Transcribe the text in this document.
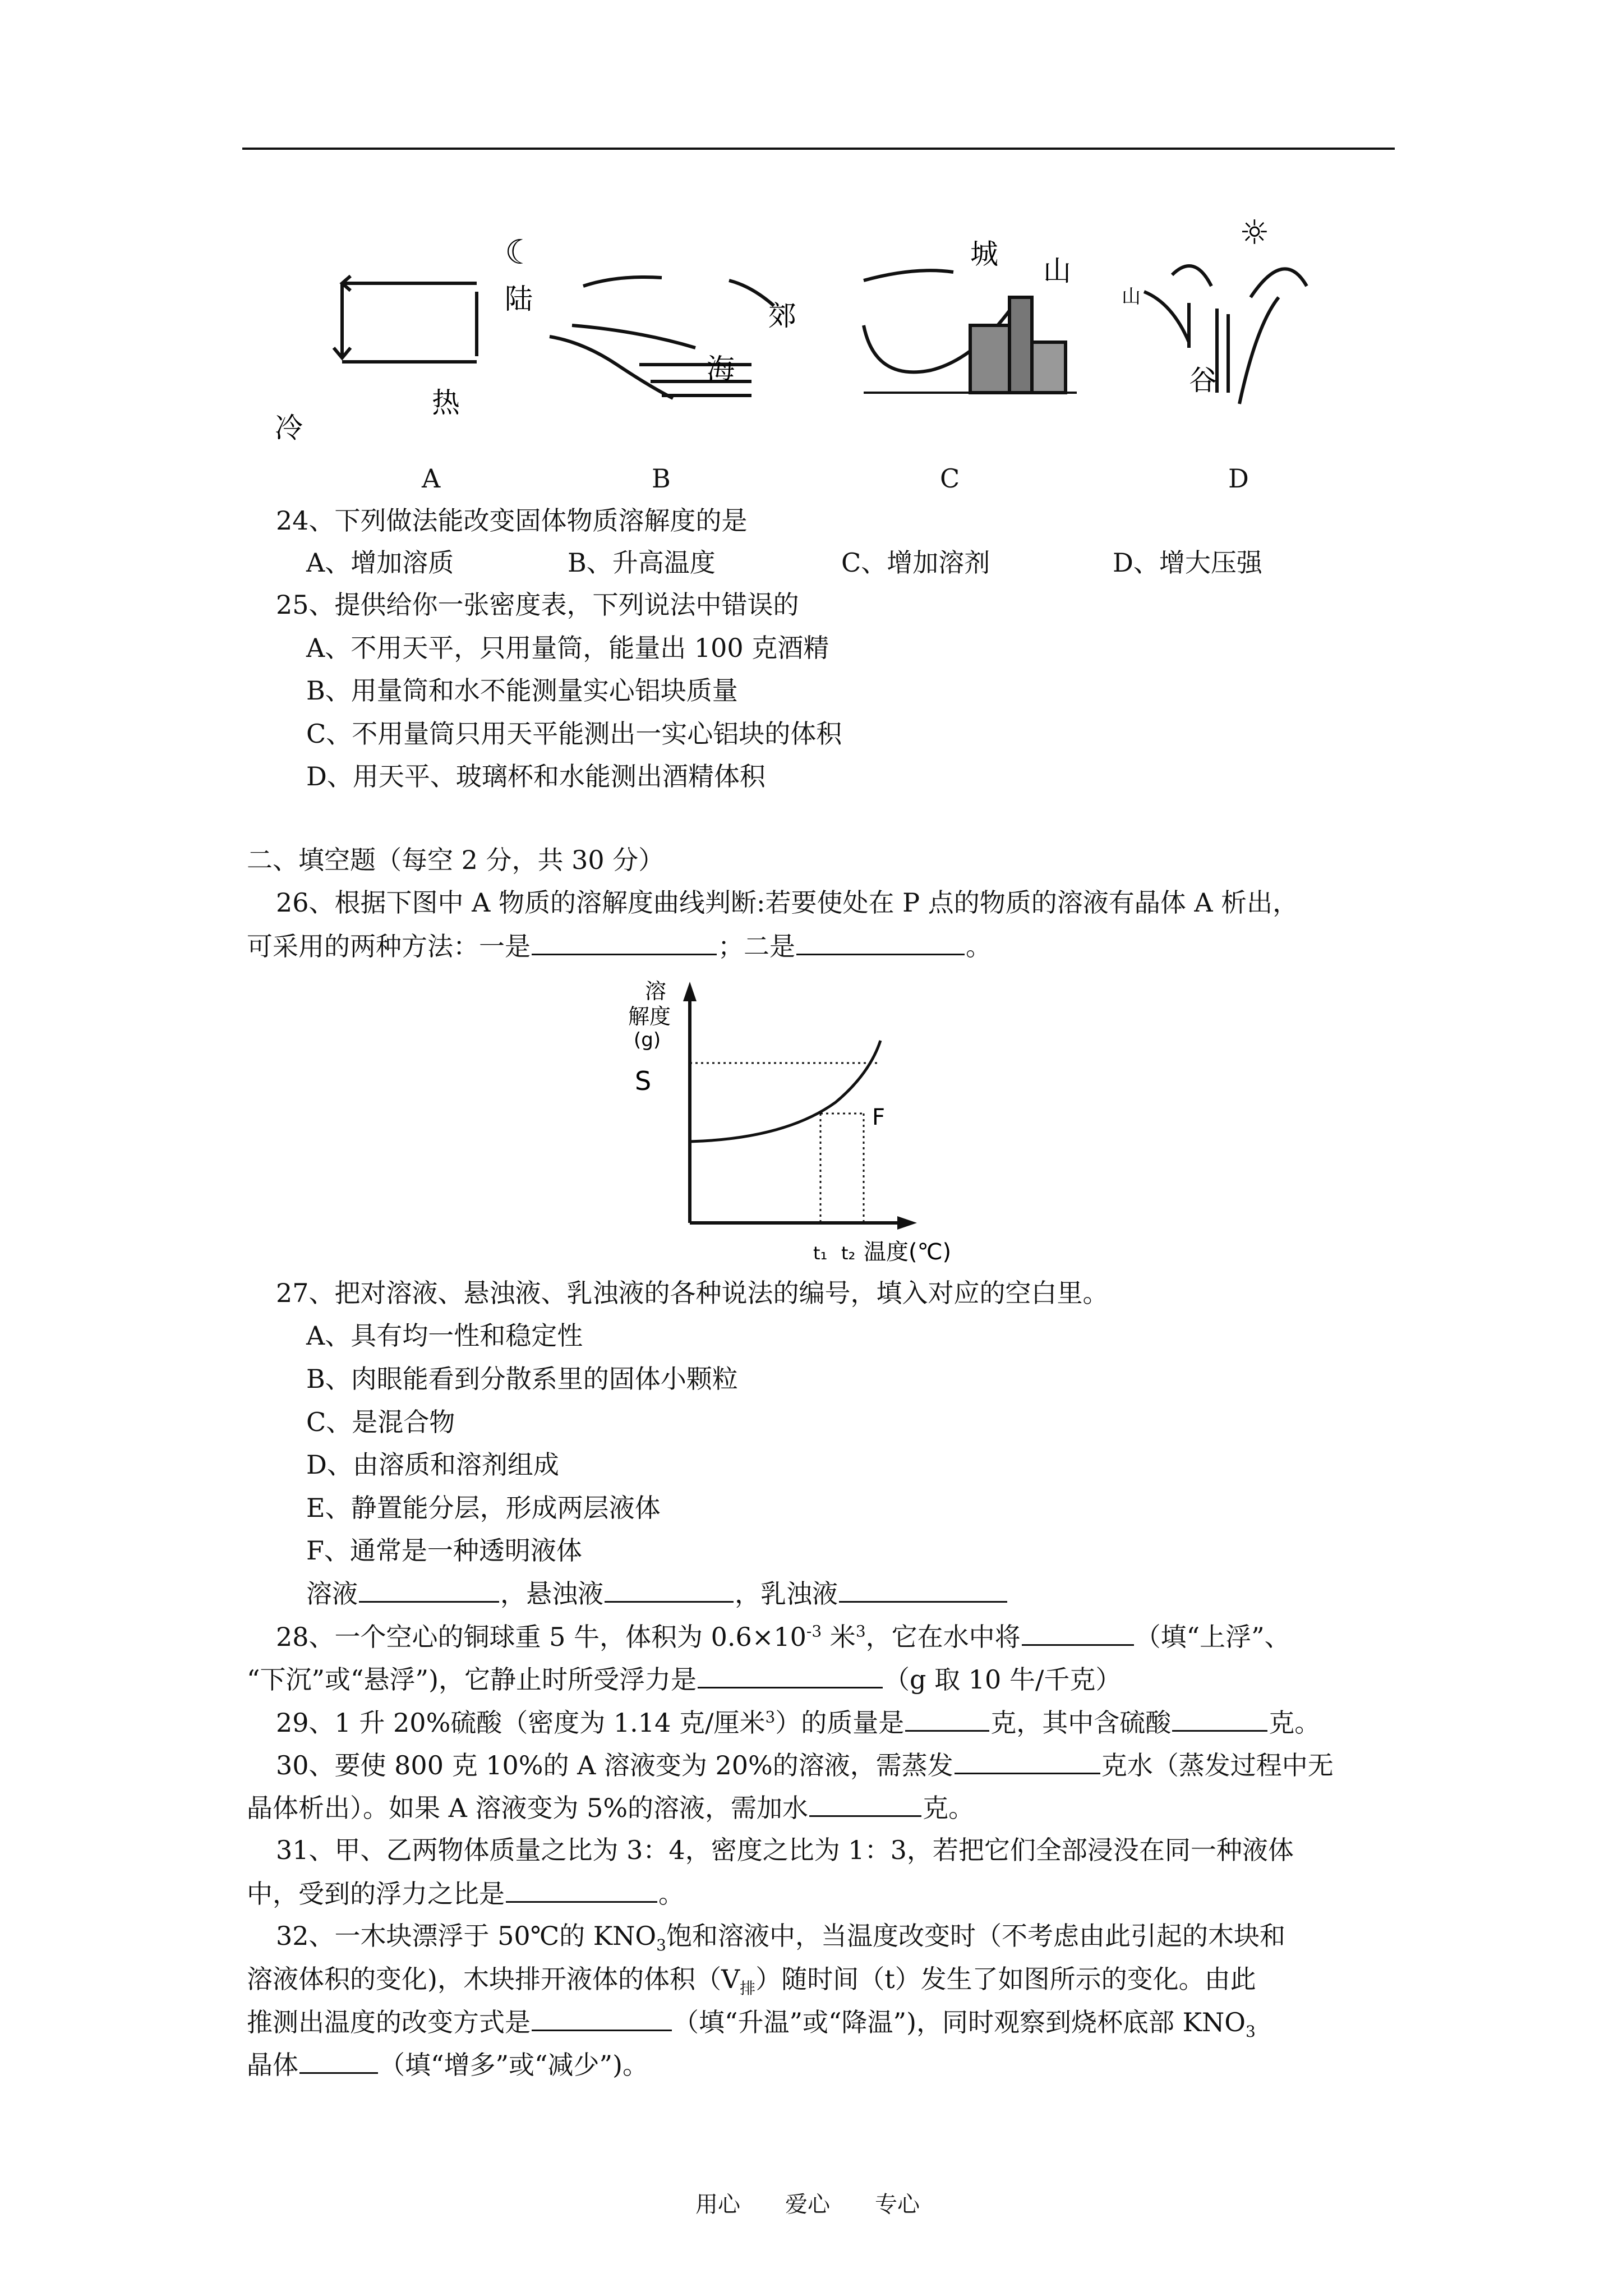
冷
热
☾
陆
海
郊
城
山
☼
山
谷
A	B	C	D
24、下列做法能改变固体物质溶解度的是
A、增加溶质	B、升高温度	C、增加溶剂	D、增大压强
25、提供给你一张密度表，下列说法中错误的
A、不用天平，只用量筒，能量出 100 克酒精
B、用量筒和水不能测量实心铝块质量
C、不用量筒只用天平能测出一实心铝块的体积
D、用天平、玻璃杯和水能测出酒精体积
二、填空题（每空 2 分，共 30 分）
26、根据下图中 A 物质的溶解度曲线判断:若要使处在 P 点的物质的溶液有晶体 A 析出，
可采用的两种方法：一是	；二是	。
溶
解度
(g)
S
F
t₁ t₂ 温度(℃)
27、把对溶液、悬浊液、乳浊液的各种说法的编号，填入对应的空白里。
A、具有均一性和稳定性
B、肉眼能看到分散系里的固体小颗粒
C、是混合物
D、由溶质和溶剂组成
E、静置能分层，形成两层液体
F、通常是一种透明液体
溶液	，悬浊液	，乳浊液
28、一个空心的铜球重 5 牛，体积为 $0.6\times 10^{-3}$ 米$^3$，它在水中将	（填“上浮”、
“下沉”或“悬浮”)，它静止时所受浮力是	（g 取 10 牛/千克）
29、1 升 20%硫酸（密度为 1.14 克/厘米$^3$）的质量是	克，其中含硫酸	克。
30、要使 800 克 10%的 A 溶液变为 20%的溶液，需蒸发	克水（蒸发过程中无
晶体析出）。如果 A 溶液变为 5%的溶液，需加水	克。
31、甲、乙两物体质量之比为 3：4，密度之比为 1：3，若把它们全部浸没在同一种液体
中，受到的浮力之比是	。
32、一木块漂浮于 50℃的 $KNO_3$饱和溶液中，当温度改变时（不考虑由此引起的木块和
溶液体积的变化)，木块排开液体的体积$(V_排)$随时间（t）发生了如图所示的变化。由此
推测出温度的改变方式是	（填“升温”或“降温”)，同时观察到烧杯底部 $KNO_3$
晶体	（填“增多”或“减少”)。
用心 爱心 专心
